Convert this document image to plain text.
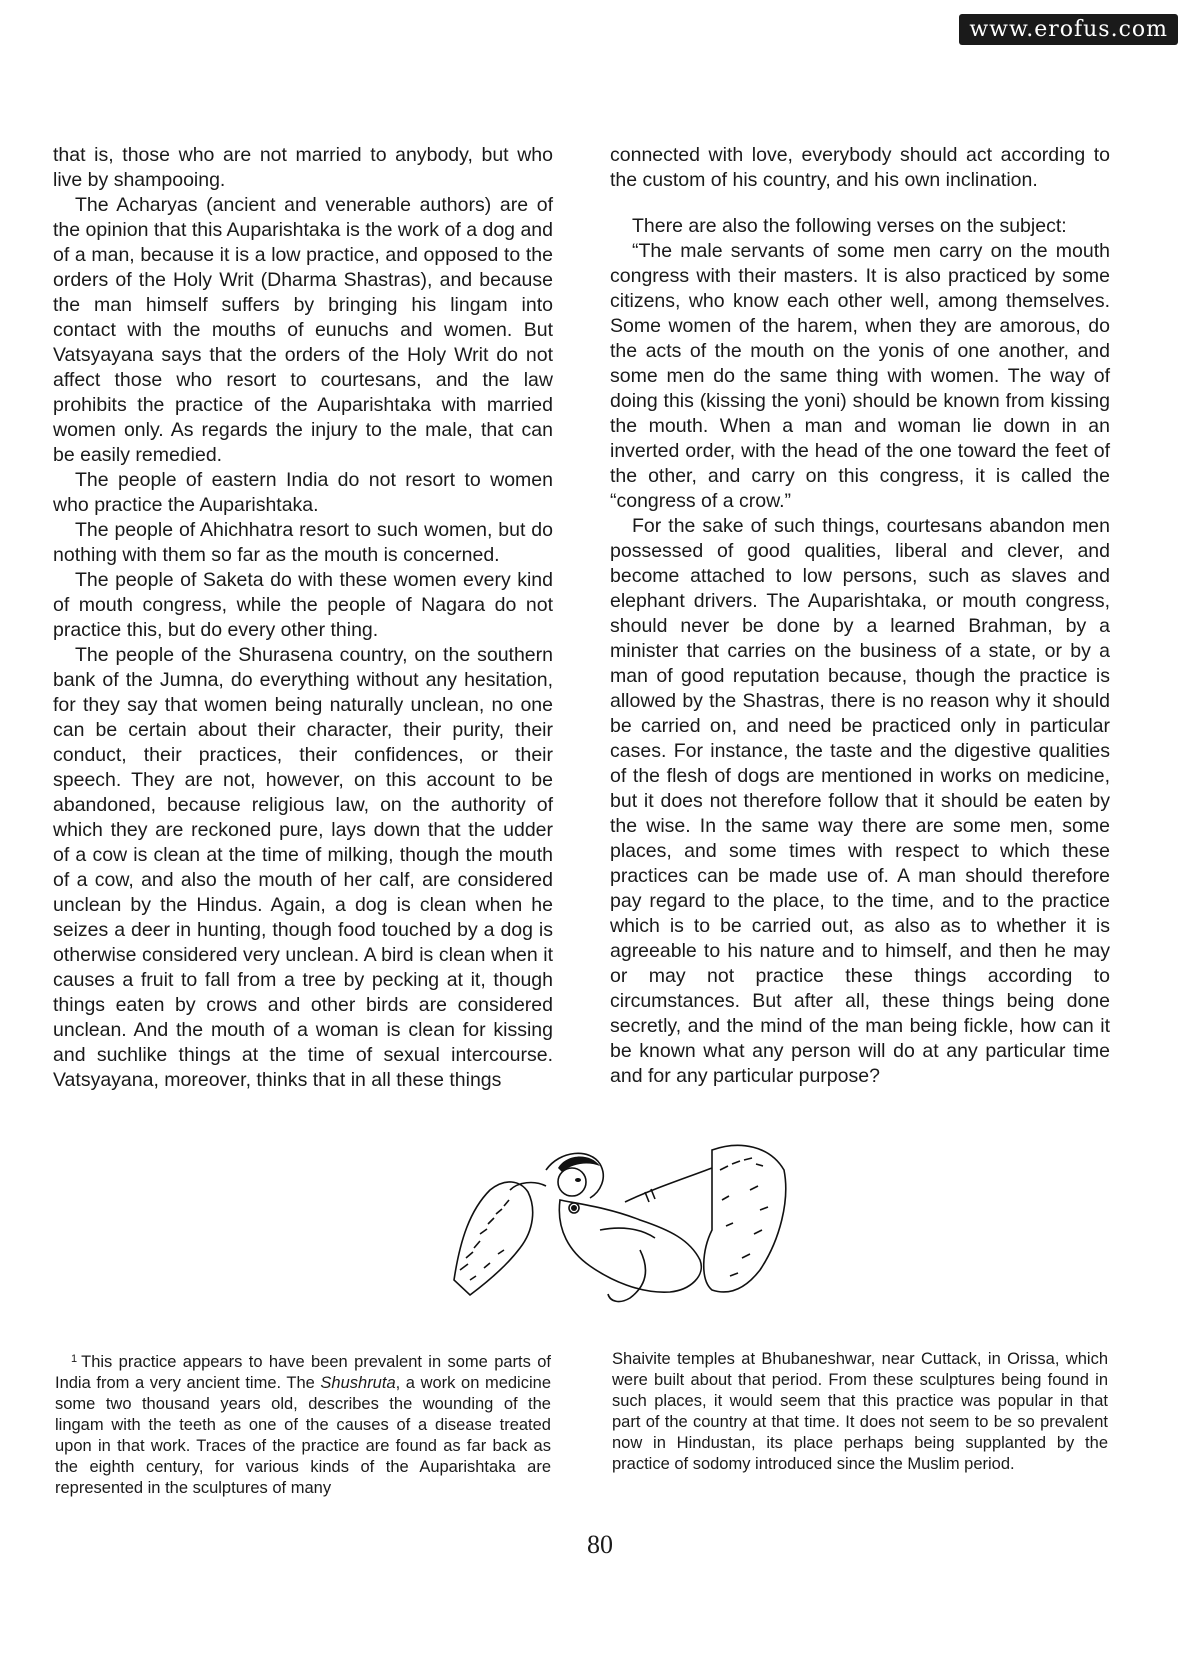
www.erofus.com

that is, those who are not married to anybody, but who live by shampooing.

The Acharyas (ancient and venerable authors) are of the opinion that this Auparishtaka is the work of a dog and of a man, because it is a low practice, and opposed to the orders of the Holy Writ (Dharma Shastras), and because the man himself suffers by bringing his lingam into contact with the mouths of eunuchs and women. But Vatsyayana says that the orders of the Holy Writ do not affect those who resort to courtesans, and the law prohibits the practice of the Auparishtaka with married women only. As regards the injury to the male, that can be easily remedied.

The people of eastern India do not resort to women who practice the Auparishtaka.

The people of Ahichhatra resort to such women, but do nothing with them so far as the mouth is concerned.

The people of Saketa do with these women every kind of mouth congress, while the people of Nagara do not practice this, but do every other thing.

The people of the Shurasena country, on the southern bank of the Jumna, do everything without any hesitation, for they say that women being naturally unclean, no one can be certain about their character, their purity, their conduct, their practices, their confidences, or their speech. They are not, however, on this account to be abandoned, because religious law, on the authority of which they are reckoned pure, lays down that the udder of a cow is clean at the time of milking, though the mouth of a cow, and also the mouth of her calf, are considered unclean by the Hindus. Again, a dog is clean when he seizes a deer in hunting, though food touched by a dog is otherwise considered very unclean. A bird is clean when it causes a fruit to fall from a tree by pecking at it, though things eaten by crows and other birds are considered unclean. And the mouth of a woman is clean for kissing and suchlike things at the time of sexual intercourse. Vatsyayana, moreover, thinks that in all these things

connected with love, everybody should act according to the custom of his country, and his own inclination.

There are also the following verses on the subject:

“The male servants of some men carry on the mouth congress with their masters. It is also practiced by some citizens, who know each other well, among themselves. Some women of the harem, when they are amorous, do the acts of the mouth on the yonis of one another, and some men do the same thing with women. The way of doing this (kissing the yoni) should be known from kissing the mouth. When a man and woman lie down in an inverted order, with the head of the one toward the feet of the other, and carry on this congress, it is called the “congress of a crow.”

For the sake of such things, courtesans abandon men possessed of good qualities, liberal and clever, and become attached to low persons, such as slaves and elephant drivers. The Auparishtaka, or mouth congress, should never be done by a learned Brahman, by a minister that carries on the business of a state, or by a man of good reputation because, though the practice is allowed by the Shastras, there is no reason why it should be carried on, and need be practiced only in particular cases. For instance, the taste and the digestive qualities of the flesh of dogs are mentioned in works on medicine, but it does not therefore follow that it should be eaten by the wise. In the same way there are some men, some places, and some times with respect to which these practices can be made use of. A man should therefore pay regard to the place, to the time, and to the practice which is to be carried out, as also as to whether it is agreeable to his nature and to himself, and then he may or may not practice these things according to circumstances. But after all, these things being done secretly, and the mind of the man being fickle, how can it be known what any person will do at any particular time and for any particular purpose?

$^1$ This practice appears to have been prevalent in some parts of India from a very ancient time. The Shushruta, a work on medicine some two thousand years old, describes the wounding of the lingam with the teeth as one of the causes of a disease treated upon in that work. Traces of the practice are found as far back as the eighth century, for various kinds of the Auparishtaka are represented in the sculptures of many

Shaivite temples at Bhubaneshwar, near Cuttack, in Orissa, which were built about that period. From these sculptures being found in such places, it would seem that this practice was popular in that part of the country at that time. It does not seem to be so prevalent now in Hindustan, its place perhaps being supplanted by the practice of sodomy introduced since the Muslim period.

80
